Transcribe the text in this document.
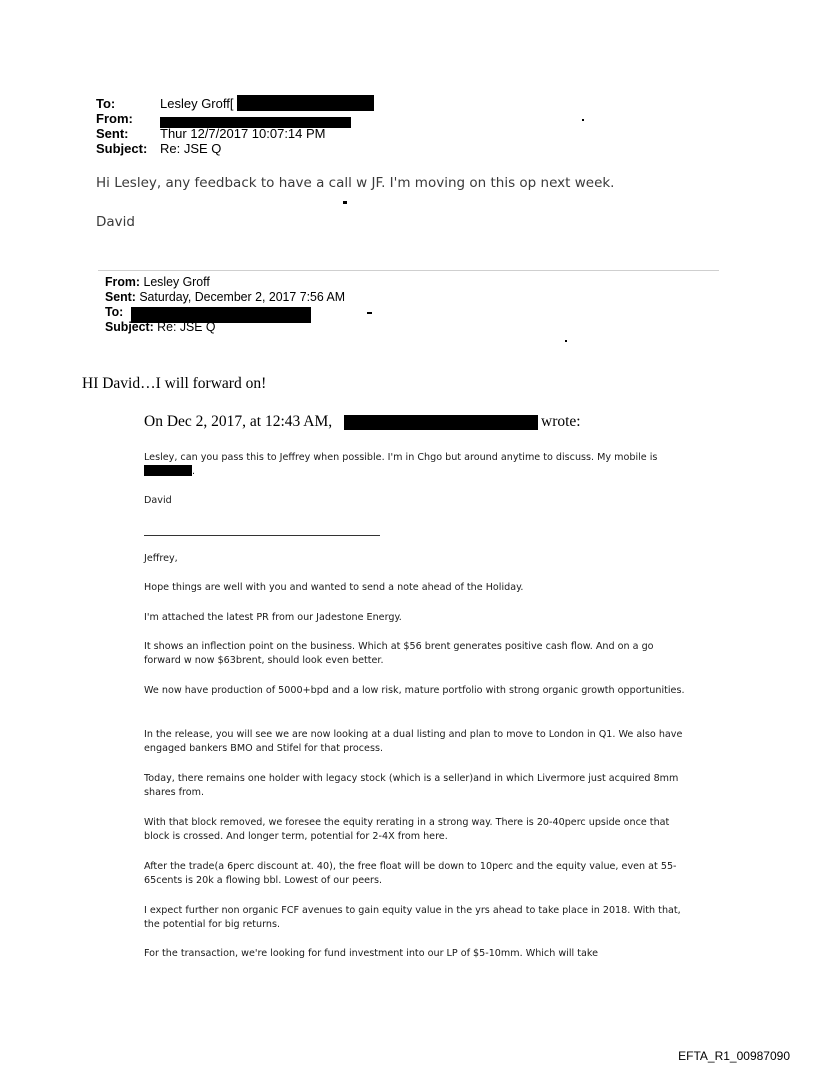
To:	Lesley Groff[
From:
Sent: Thur 12/7/2017 10:07:14 PM
Subject: Re: JSE Q
Hi Lesley, any feedback to have a call w JF. I'm moving on this op next week.
David
From: Lesley Groff
Sent: Saturday, December 2, 2017 7:56 AM
To:
Subject: Re: JSE Q
HI David…I will forward on!
On Dec 2, 2017, at 12:43 AM,	wrote:
Lesley, can you pass this to Jeffrey when possible. I'm in Chgo but around anytime to discuss. My mobile is
.
David
Jeffrey,
Hope things are well with you and wanted to send a note ahead of the Holiday.
I'm attached the latest PR from our Jadestone Energy.
It shows an inflection point on the business. Which at $56 brent generates positive cash flow. And on a go forward w now $63brent, should look even better.
We now have production of 5000+bpd and a low risk, mature portfolio with strong organic growth opportunities.
In the release, you will see we are now looking at a dual listing and plan to move to London in Q1. We also have engaged bankers BMO and Stifel for that process.
Today, there remains one holder with legacy stock (which is a seller)and in which Livermore just acquired 8mm shares from.
With that block removed, we foresee the equity rerating in a strong way. There is 20-40perc upside once that block is crossed. And longer term, potential for 2-4X from here.
After the trade(a 6perc discount at. 40), the free float will be down to 10perc and the equity value, even at 55-65cents is 20k a flowing bbl. Lowest of our peers.
I expect further non organic FCF avenues to gain equity value in the yrs ahead to take place in 2018. With that, the potential for big returns.
For the transaction, we're looking for fund investment into our LP of $5-10mm. Which will take
EFTA_R1_00987090
